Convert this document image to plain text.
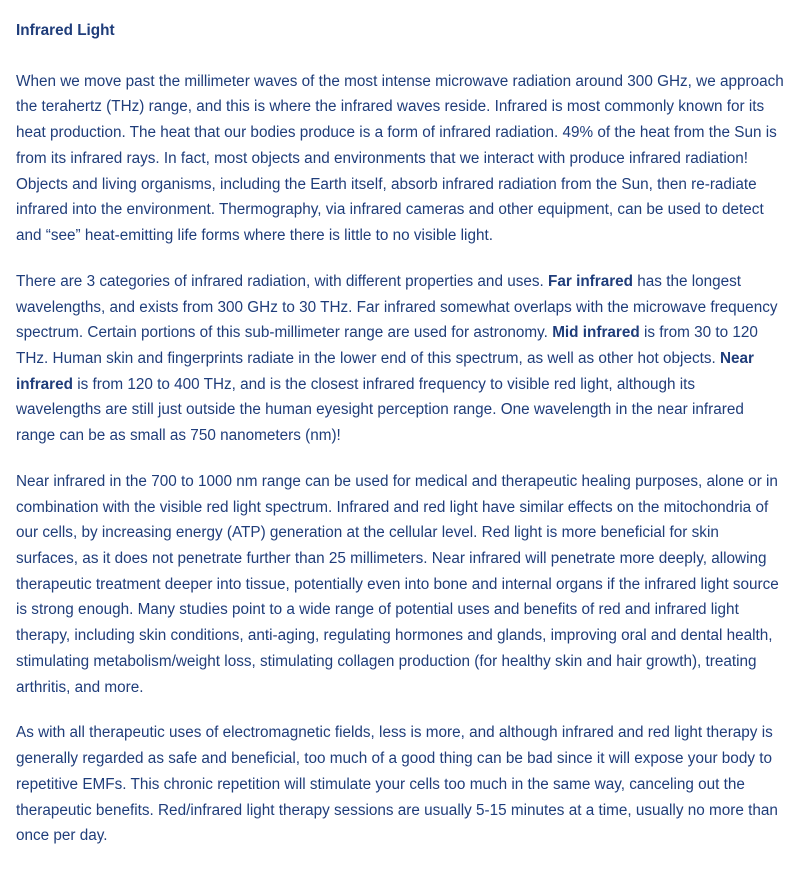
Infrared Light

When we move past the millimeter waves of the most intense microwave radiation around 300 GHz, we approach the terahertz (THz) range, and this is where the infrared waves reside. Infrared is most commonly known for its heat production. The heat that our bodies produce is a form of infrared radiation. 49% of the heat from the Sun is from its infrared rays. In fact, most objects and environments that we interact with produce infrared radiation! Objects and living organisms, including the Earth itself, absorb infrared radiation from the Sun, then re-radiate infrared into the environment. Thermography, via infrared cameras and other equipment, can be used to detect and “see” heat-emitting life forms where there is little to no visible light.

There are 3 categories of infrared radiation, with different properties and uses. Far infrared has the longest wavelengths, and exists from 300 GHz to 30 THz. Far infrared somewhat overlaps with the microwave frequency spectrum. Certain portions of this sub-millimeter range are used for astronomy. Mid infrared is from 30 to 120 THz. Human skin and fingerprints radiate in the lower end of this spectrum, as well as other hot objects. Near infrared is from 120 to 400 THz, and is the closest infrared frequency to visible red light, although its wavelengths are still just outside the human eyesight perception range. One wavelength in the near infrared range can be as small as 750 nanometers (nm)!

Near infrared in the 700 to 1000 nm range can be used for medical and therapeutic healing purposes, alone or in combination with the visible red light spectrum. Infrared and red light have similar effects on the mitochondria of our cells, by increasing energy (ATP) generation at the cellular level. Red light is more beneficial for skin surfaces, as it does not penetrate further than 25 millimeters. Near infrared will penetrate more deeply, allowing therapeutic treatment deeper into tissue, potentially even into bone and internal organs if the infrared light source is strong enough. Many studies point to a wide range of potential uses and benefits of red and infrared light therapy, including skin conditions, anti-aging, regulating hormones and glands, improving oral and dental health, stimulating metabolism/weight loss, stimulating collagen production (for healthy skin and hair growth), treating arthritis, and more.

As with all therapeutic uses of electromagnetic fields, less is more, and although infrared and red light therapy is generally regarded as safe and beneficial, too much of a good thing can be bad since it will expose your body to repetitive EMFs. This chronic repetition will stimulate your cells too much in the same way, canceling out the therapeutic benefits. Red/infrared light therapy sessions are usually 5-15 minutes at a time, usually no more than once per day.
